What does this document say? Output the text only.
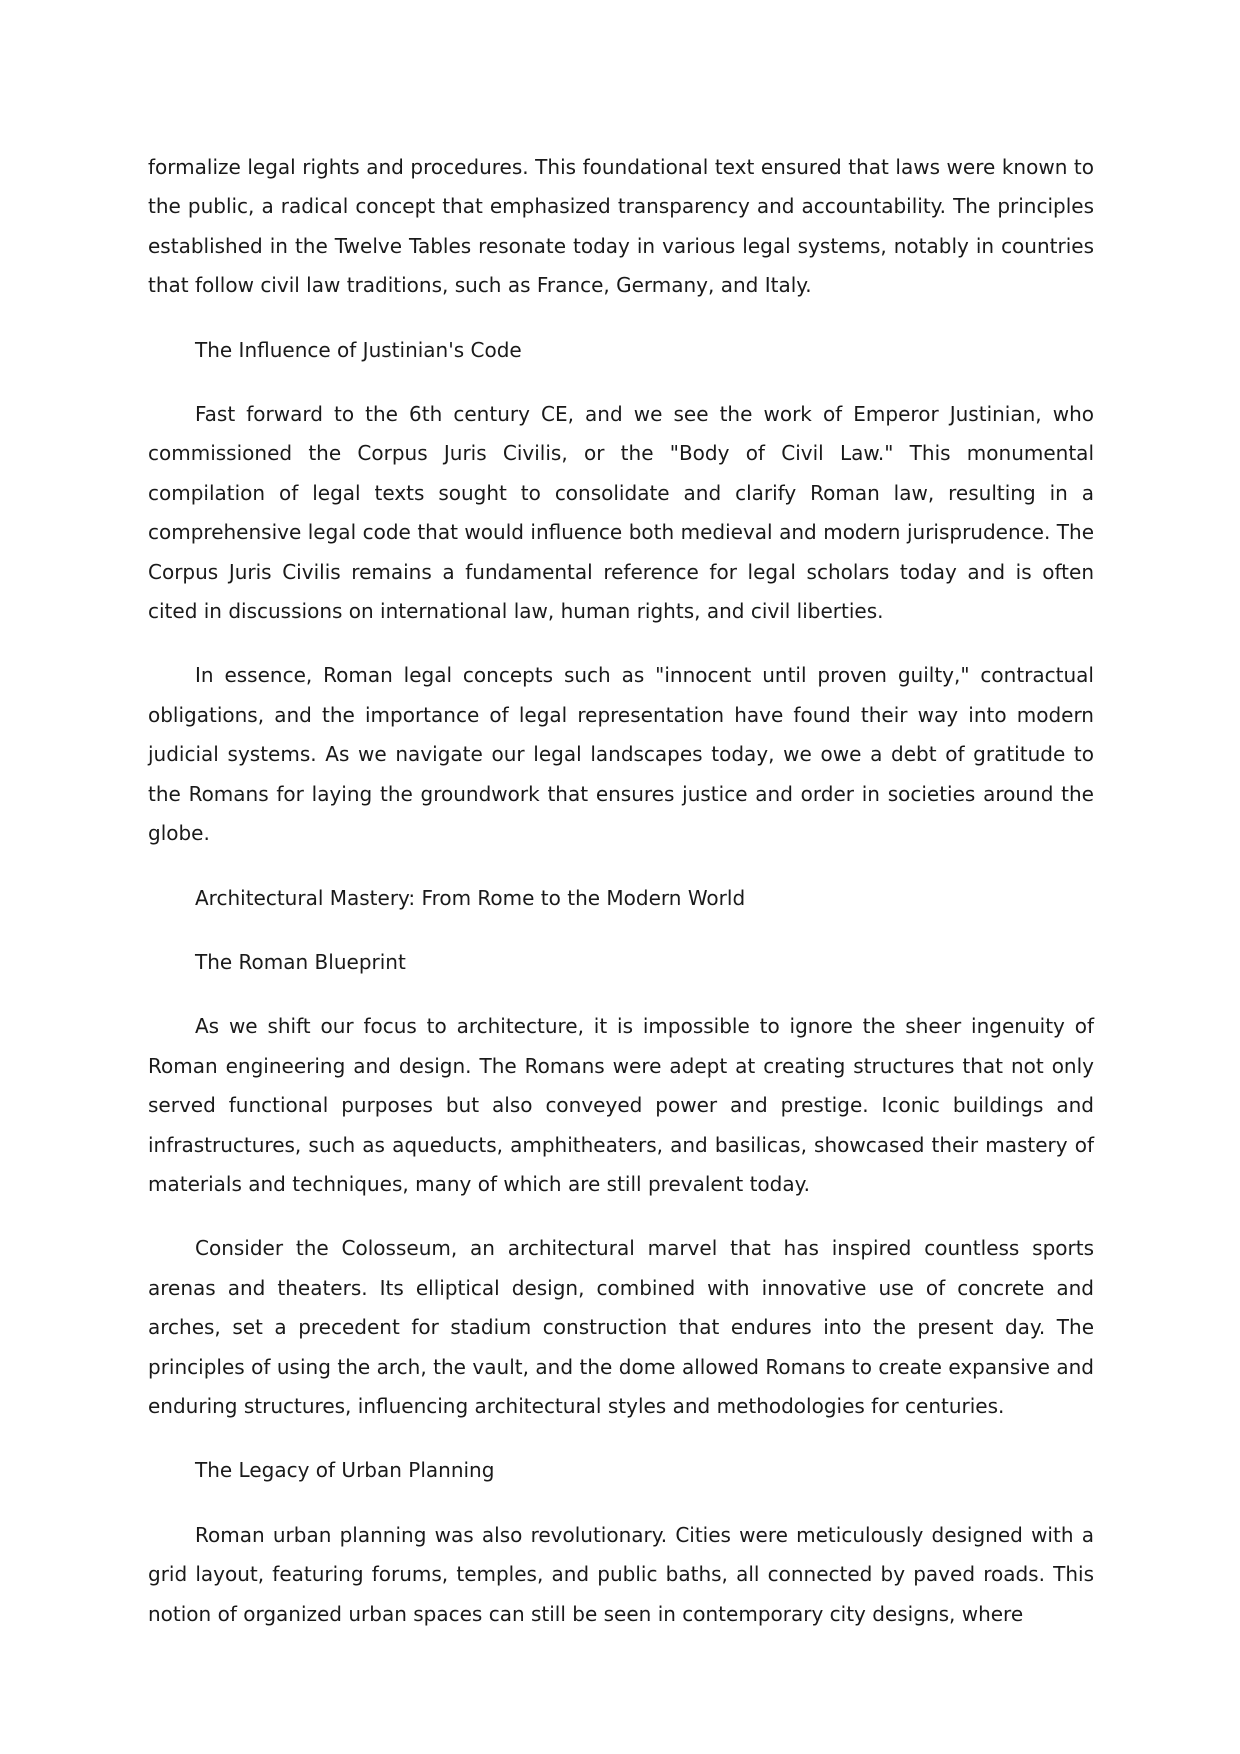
formalize legal rights and procedures. This foundational text ensured that laws were known to the public, a radical concept that emphasized transparency and accountability. The principles established in the Twelve Tables resonate today in various legal systems, notably in countries that follow civil law traditions, such as France, Germany, and Italy.

The Influence of Justinian's Code

Fast forward to the 6th century CE, and we see the work of Emperor Justinian, who commissioned the Corpus Juris Civilis, or the "Body of Civil Law." This monumental compilation of legal texts sought to consolidate and clarify Roman law, resulting in a comprehensive legal code that would influence both medieval and modern jurisprudence. The Corpus Juris Civilis remains a fundamental reference for legal scholars today and is often cited in discussions on international law, human rights, and civil liberties.

In essence, Roman legal concepts such as "innocent until proven guilty," contractual obligations, and the importance of legal representation have found their way into modern judicial systems. As we navigate our legal landscapes today, we owe a debt of gratitude to the Romans for laying the groundwork that ensures justice and order in societies around the globe.

Architectural Mastery: From Rome to the Modern World

The Roman Blueprint

As we shift our focus to architecture, it is impossible to ignore the sheer ingenuity of Roman engineering and design. The Romans were adept at creating structures that not only served functional purposes but also conveyed power and prestige. Iconic buildings and infrastructures, such as aqueducts, amphitheaters, and basilicas, showcased their mastery of materials and techniques, many of which are still prevalent today.

Consider the Colosseum, an architectural marvel that has inspired countless sports arenas and theaters. Its elliptical design, combined with innovative use of concrete and arches, set a precedent for stadium construction that endures into the present day. The principles of using the arch, the vault, and the dome allowed Romans to create expansive and enduring structures, influencing architectural styles and methodologies for centuries.

The Legacy of Urban Planning

Roman urban planning was also revolutionary. Cities were meticulously designed with a grid layout, featuring forums, temples, and public baths, all connected by paved roads. This notion of organized urban spaces can still be seen in contemporary city designs, where
